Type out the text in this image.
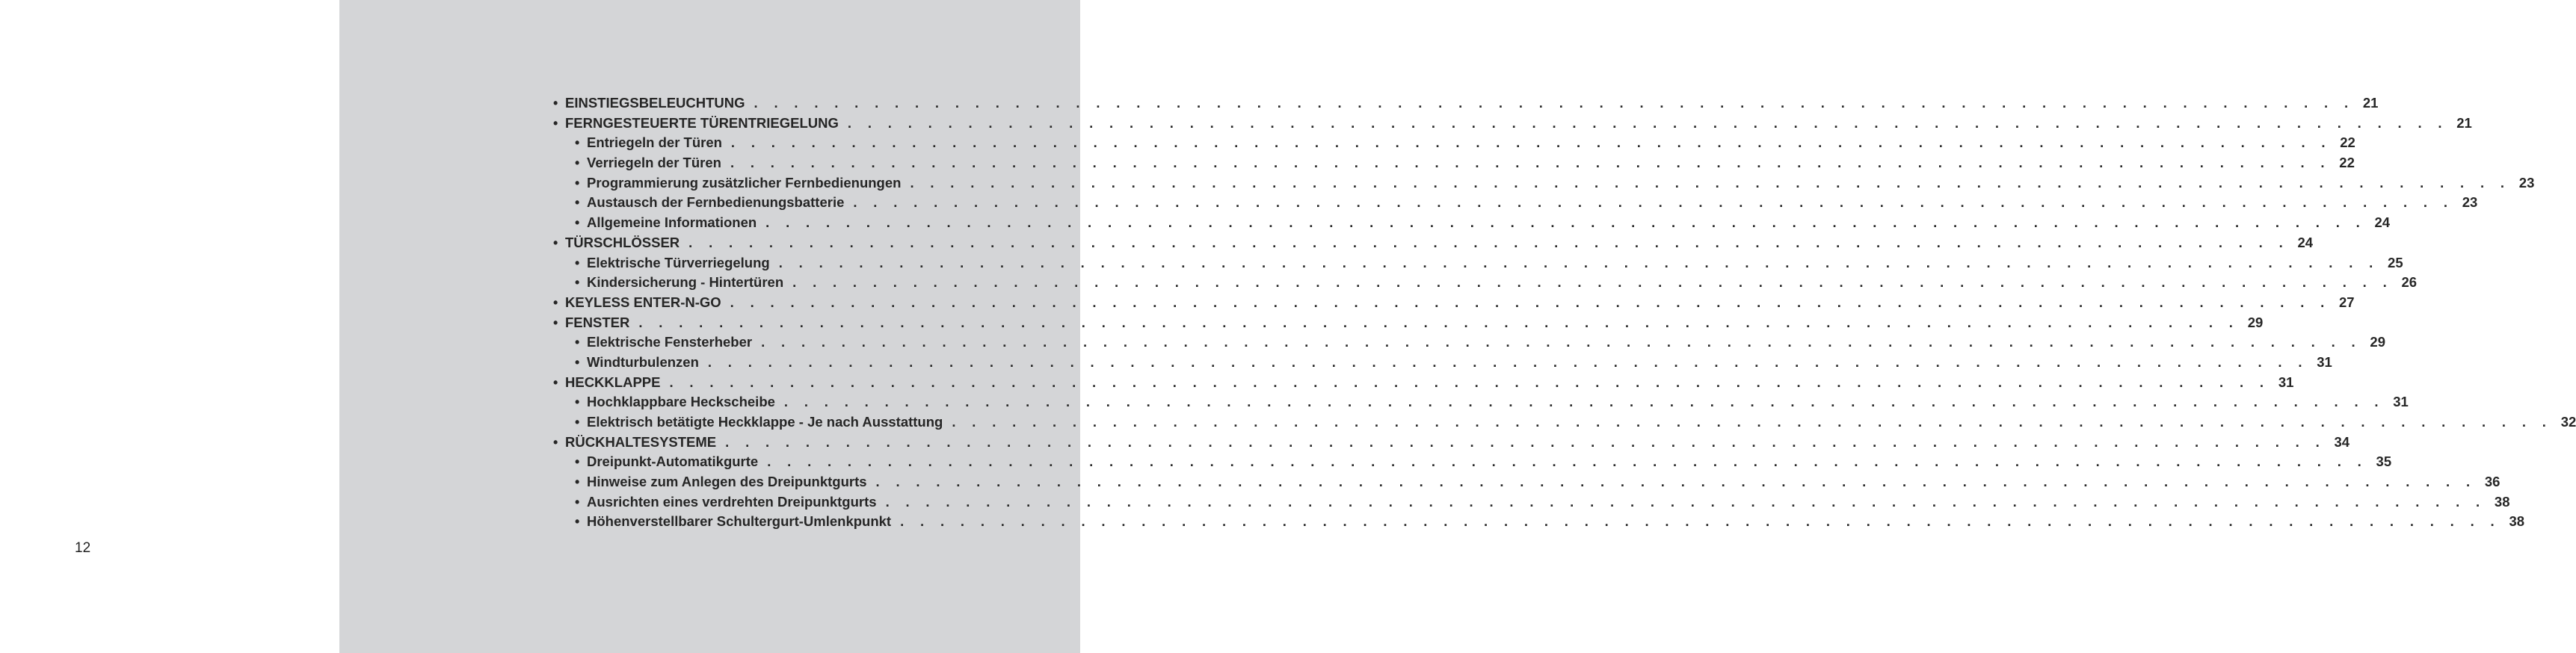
12
• EINSTIEGSBELEUCHTUNG . . . . . . . . . . . . . . . . . . . . . . . . . . . . . . . . . . . . . . . . . . . . . . . . . . . . . . . . . . . . . . . . . . . . . . . . . . . . . . . . 21
• FERNGESTEUERTE TÜRENTRIEGELUNG . . . . . . . . . . . . . . . . . . . . . . . . . . . . . . . . . . . . . . . . . . . . . . . . . . . . . . . . . . . . . . . . . . . . . . . . . . . . . . . . 21
• Entriegeln der Türen . . . . . . . . . . . . . . . . . . . . . . . . . . . . . . . . . . . . . . . . . . . . . . . . . . . . . . . . . . . . . . . . . . . . . . . . . . . . . . . . 22
• Verriegeln der Türen . . . . . . . . . . . . . . . . . . . . . . . . . . . . . . . . . . . . . . . . . . . . . . . . . . . . . . . . . . . . . . . . . . . . . . . . . . . . . . . . 22
• Programmierung zusätzlicher Fernbedienungen . . . . . . . . . . . . . . . . . . . . . . . . . . . . . . . . . . . . . . . . . . . . . . . . . . . . . . . . . . . . . . . . . . . . . . . . . . . . . . . . 23
• Austausch der Fernbedienungsbatterie . . . . . . . . . . . . . . . . . . . . . . . . . . . . . . . . . . . . . . . . . . . . . . . . . . . . . . . . . . . . . . . . . . . . . . . . . . . . . . . . 23
• Allgemeine Informationen . . . . . . . . . . . . . . . . . . . . . . . . . . . . . . . . . . . . . . . . . . . . . . . . . . . . . . . . . . . . . . . . . . . . . . . . . . . . . . . . 24
• TÜRSCHLÖSSER . . . . . . . . . . . . . . . . . . . . . . . . . . . . . . . . . . . . . . . . . . . . . . . . . . . . . . . . . . . . . . . . . . . . . . . . . . . . . . . . 24
• Elektrische Türverriegelung . . . . . . . . . . . . . . . . . . . . . . . . . . . . . . . . . . . . . . . . . . . . . . . . . . . . . . . . . . . . . . . . . . . . . . . . . . . . . . . . 25
• Kindersicherung - Hintertüren . . . . . . . . . . . . . . . . . . . . . . . . . . . . . . . . . . . . . . . . . . . . . . . . . . . . . . . . . . . . . . . . . . . . . . . . . . . . . . . . 26
• KEYLESS ENTER-N-GO . . . . . . . . . . . . . . . . . . . . . . . . . . . . . . . . . . . . . . . . . . . . . . . . . . . . . . . . . . . . . . . . . . . . . . . . . . . . . . . . 27
• FENSTER . . . . . . . . . . . . . . . . . . . . . . . . . . . . . . . . . . . . . . . . . . . . . . . . . . . . . . . . . . . . . . . . . . . . . . . . . . . . . . . . 29
• Elektrische Fensterheber . . . . . . . . . . . . . . . . . . . . . . . . . . . . . . . . . . . . . . . . . . . . . . . . . . . . . . . . . . . . . . . . . . . . . . . . . . . . . . . . 29
• Windturbulenzen . . . . . . . . . . . . . . . . . . . . . . . . . . . . . . . . . . . . . . . . . . . . . . . . . . . . . . . . . . . . . . . . . . . . . . . . . . . . . . . . 31
• HECKKLAPPE . . . . . . . . . . . . . . . . . . . . . . . . . . . . . . . . . . . . . . . . . . . . . . . . . . . . . . . . . . . . . . . . . . . . . . . . . . . . . . . . 31
• Hochklappbare Heckscheibe . . . . . . . . . . . . . . . . . . . . . . . . . . . . . . . . . . . . . . . . . . . . . . . . . . . . . . . . . . . . . . . . . . . . . . . . . . . . . . . . 31
• Elektrisch betätigte Heckklappe - Je nach Ausstattung . . . . . . . . . . . . . . . . . . . . . . . . . . . . . . . . . . . . . . . . . . . . . . . . . . . . . . . . . . . . . . . . . . . . . . . . . . . . . . . . 32
• RÜCKHALTESYSTEME . . . . . . . . . . . . . . . . . . . . . . . . . . . . . . . . . . . . . . . . . . . . . . . . . . . . . . . . . . . . . . . . . . . . . . . . . . . . . . . . 34
• Dreipunkt-Automatikgurte . . . . . . . . . . . . . . . . . . . . . . . . . . . . . . . . . . . . . . . . . . . . . . . . . . . . . . . . . . . . . . . . . . . . . . . . . . . . . . . . 35
• Hinweise zum Anlegen des Dreipunktgurts . . . . . . . . . . . . . . . . . . . . . . . . . . . . . . . . . . . . . . . . . . . . . . . . . . . . . . . . . . . . . . . . . . . . . . . . . . . . . . . . 36
• Ausrichten eines verdrehten Dreipunktgurts . . . . . . . . . . . . . . . . . . . . . . . . . . . . . . . . . . . . . . . . . . . . . . . . . . . . . . . . . . . . . . . . . . . . . . . . . . . . . . . . 38
• Höhenverstellbarer Schultergurt-Umlenkpunkt . . . . . . . . . . . . . . . . . . . . . . . . . . . . . . . . . . . . . . . . . . . . . . . . . . . . . . . . . . . . . . . . . . . . . . . . . . . . . . . . 38
